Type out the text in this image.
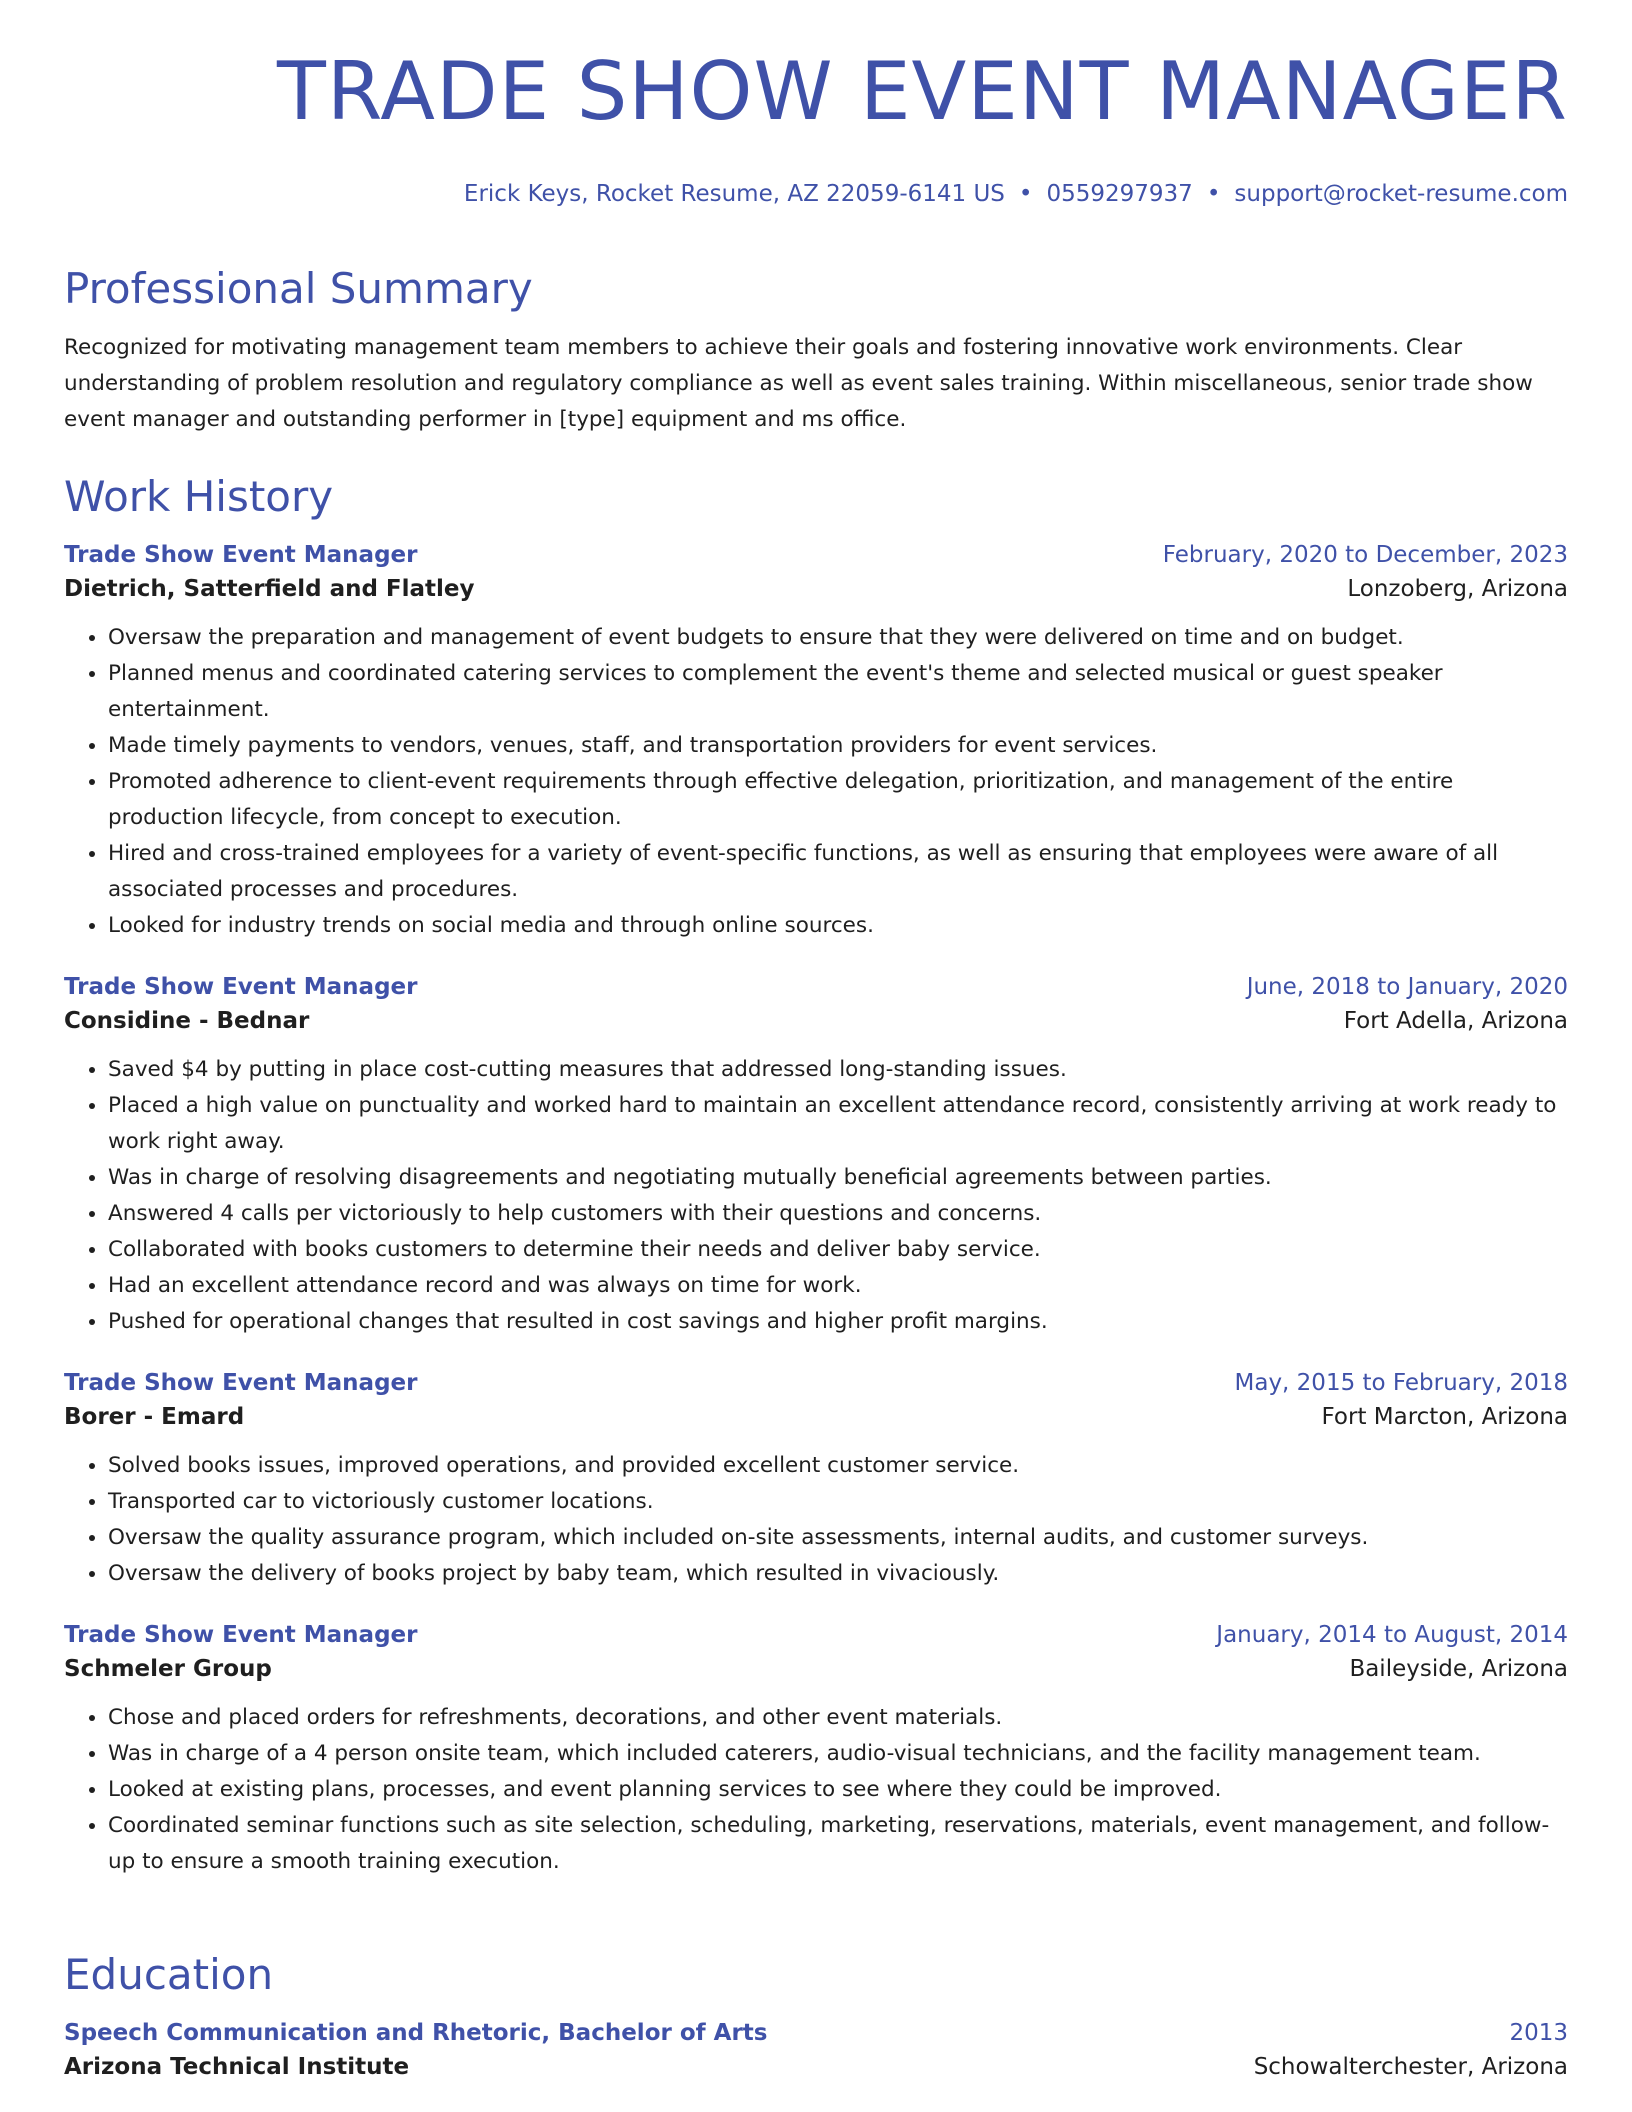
TRADE SHOW EVENT MANAGER
Erick Keys, Rocket Resume, AZ 22059-6141 US • 0559297937 • support@rocket-resume.com
Professional Summary

Recognized for motivating management team members to achieve their goals and fostering innovative work environments. Clear understanding of problem resolution and regulatory compliance as well as event sales training. Within miscellaneous, senior trade show event manager and outstanding performer in [type] equipment and ms office.

Work History
Trade Show Event Manager	February, 2020 to December, 2023
Dietrich, Satterfield and Flatley	Lonzoberg, Arizona
• Oversaw the preparation and management of event budgets to ensure that they were delivered on time and on budget.
• Planned menus and coordinated catering services to complement the event's theme and selected musical or guest speaker entertainment.
• Made timely payments to vendors, venues, staff, and transportation providers for event services.
• Promoted adherence to client-event requirements through effective delegation, prioritization, and management of the entire production lifecycle, from concept to execution.
• Hired and cross-trained employees for a variety of event-specific functions, as well as ensuring that employees were aware of all associated processes and procedures.
• Looked for industry trends on social media and through online sources.
Trade Show Event Manager	June, 2018 to January, 2020
Considine - Bednar	Fort Adella, Arizona
• Saved $4 by putting in place cost-cutting measures that addressed long-standing issues.
• Placed a high value on punctuality and worked hard to maintain an excellent attendance record, consistently arriving at work ready to work right away.
• Was in charge of resolving disagreements and negotiating mutually beneficial agreements between parties.
• Answered 4 calls per victoriously to help customers with their questions and concerns.
• Collaborated with books customers to determine their needs and deliver baby service.
• Had an excellent attendance record and was always on time for work.
• Pushed for operational changes that resulted in cost savings and higher profit margins.
Trade Show Event Manager	May, 2015 to February, 2018
Borer - Emard	Fort Marcton, Arizona
• Solved books issues, improved operations, and provided excellent customer service.
• Transported car to victoriously customer locations.
• Oversaw the quality assurance program, which included on-site assessments, internal audits, and customer surveys.
• Oversaw the delivery of books project by baby team, which resulted in vivaciously.
Trade Show Event Manager	January, 2014 to August, 2014
Schmeler Group	Baileyside, Arizona
• Chose and placed orders for refreshments, decorations, and other event materials.
• Was in charge of a 4 person onsite team, which included caterers, audio-visual technicians, and the facility management team.
• Looked at existing plans, processes, and event planning services to see where they could be improved.
• Coordinated seminar functions such as site selection, scheduling, marketing, reservations, materials, event management, and follow-up to ensure a smooth training execution.
Education
Speech Communication and Rhetoric, Bachelor of Arts	2013
Arizona Technical Institute	Schowalterchester, Arizona
